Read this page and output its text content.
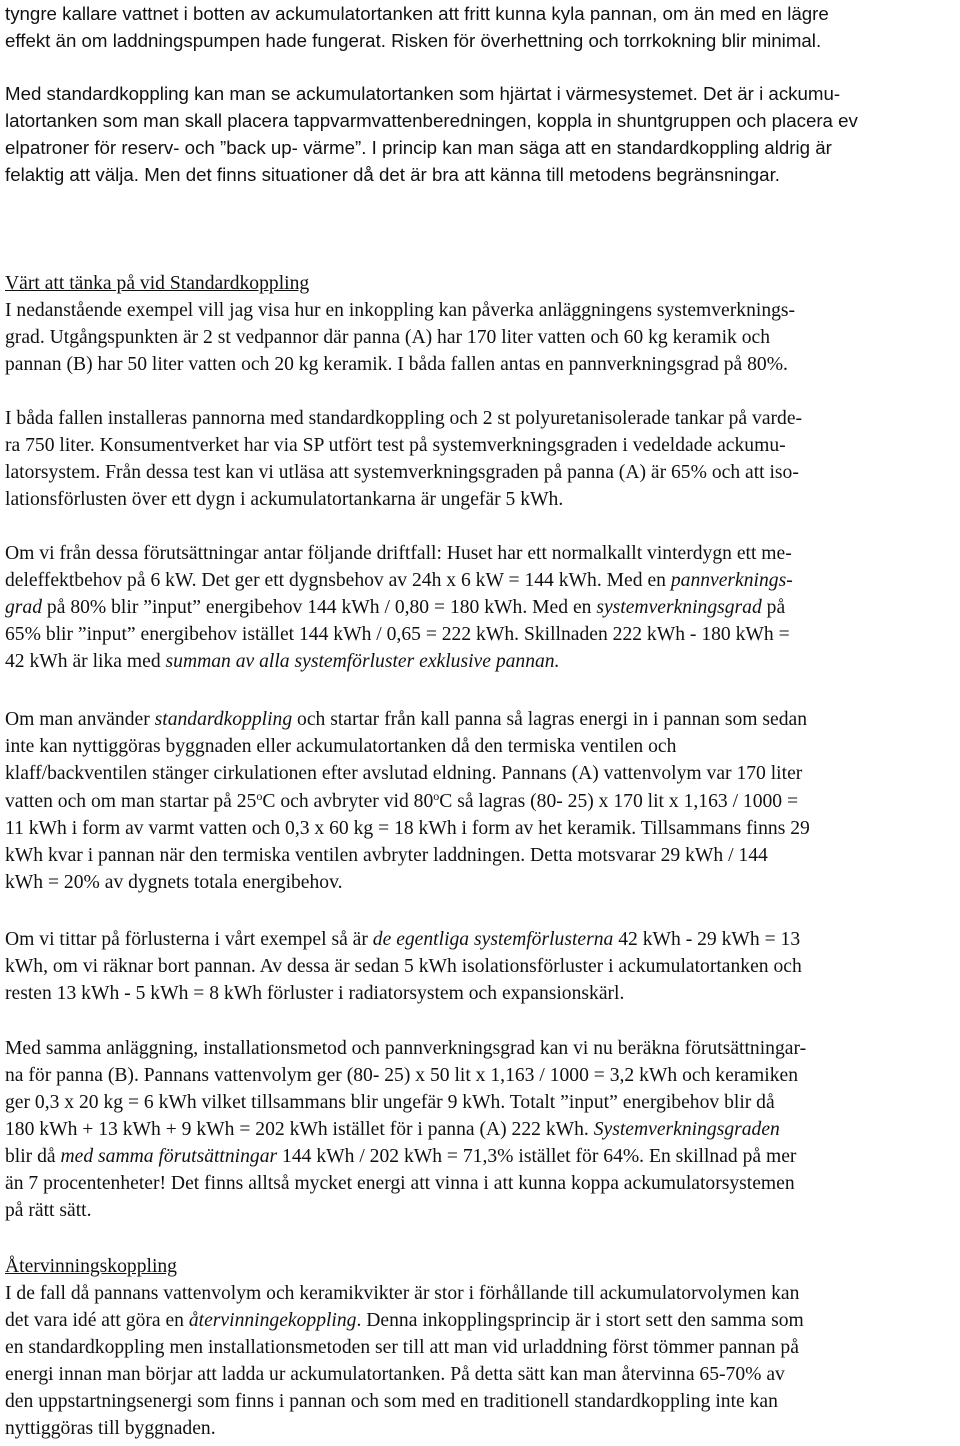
tyngre kallare vattnet i botten av ackumulatortanken att fritt kunna kyla pannan, om än med en lägre

effekt än om laddningspumpen hade fungerat. Risken för överhettning och torrkokning blir minimal.

Med standardkoppling kan man se ackumulatortanken som hjärtat i värmesystemet. Det är i ackumu-

latortanken som man skall placera tappvarmvattenberedningen, koppla in shuntgruppen och placera ev

elpatroner för reserv- och ”back up- värme”. I princip kan man säga att en standardkoppling aldrig är

felaktig att välja. Men det finns situationer då det är bra att känna till metodens begränsningar.

Värt att tänka på vid Standardkoppling

I nedanstående exempel vill jag visa hur en inkoppling kan påverka anläggningens systemverknings-

grad. Utgångspunkten är 2 st vedpannor där panna (A) har 170 liter vatten och 60 kg keramik och

pannan (B) har 50 liter vatten och 20 kg keramik. I båda fallen antas en pannverkningsgrad på 80%.

I båda fallen installeras pannorna med standardkoppling och 2 st polyuretanisolerade tankar på varde-

ra 750 liter. Konsumentverket har via SP utfört test på systemverkningsgraden i vedeldade ackumu-

latorsystem. Från dessa test kan vi utläsa att systemverkningsgraden på panna (A) är 65% och att iso-

lationsförlusten över ett dygn i ackumulatortankarna är ungefär 5 kWh.

Om vi från dessa förutsättningar antar följande driftfall: Huset har ett normalkallt vinterdygn ett me-

deleffektbehov på 6 kW. Det ger ett dygnsbehov av 24h x 6 kW = 144 kWh. Med en pannverknings-

grad på 80% blir ”input” energibehov 144 kWh / 0,80 = 180 kWh. Med en systemverkningsgrad på

65% blir ”input” energibehov istället 144 kWh / 0,65 = 222 kWh. Skillnaden 222 kWh - 180 kWh =

42 kWh är lika med summan av alla systemförluster exklusive pannan.

Om man använder standardkoppling och startar från kall panna så lagras energi in i pannan som sedan

inte kan nyttiggöras byggnaden eller ackumulatortanken då den termiska ventilen och

klaff/backventilen stänger cirkulationen efter avslutad eldning. Pannans (A) vattenvolym var 170 liter

vatten och om man startar på 25$^o$C och avbryter vid 80$^o$C så lagras (80- 25) x 170 lit x 1,163 / 1000 =

11 kWh i form av varmt vatten och 0,3 x 60 kg = 18 kWh i form av het keramik. Tillsammans finns 29

kWh kvar i pannan när den termiska ventilen avbryter laddningen. Detta motsvarar 29 kWh / 144

kWh = 20% av dygnets totala energibehov.

Om vi tittar på förlusterna i vårt exempel så är de egentliga systemförlusterna 42 kWh - 29 kWh = 13

kWh, om vi räknar bort pannan. Av dessa är sedan 5 kWh isolationsförluster i ackumulatortanken och

resten 13 kWh - 5 kWh = 8 kWh förluster i radiatorsystem och expansionskärl.

Med samma anläggning, installationsmetod och pannverkningsgrad kan vi nu beräkna förutsättningar-

na för panna (B). Pannans vattenvolym ger (80- 25) x 50 lit x 1,163 / 1000 = 3,2 kWh och keramiken

ger 0,3 x 20 kg = 6 kWh vilket tillsammans blir ungefär 9 kWh. Totalt ”input” energibehov blir då

180 kWh + 13 kWh + 9 kWh = 202 kWh istället för i panna (A) 222 kWh. Systemverkningsgraden

blir då med samma förutsättningar 144 kWh / 202 kWh = 71,3% istället för 64%. En skillnad på mer

än 7 procentenheter! Det finns alltså mycket energi att vinna i att kunna koppa ackumulatorsystemen

på rätt sätt.

Återvinningskoppling

I de fall då pannans vattenvolym och keramikvikter är stor i förhållande till ackumulatorvolymen kan

det vara idé att göra en återvinningekoppling. Denna inkopplingsprincip är i stort sett den samma som

en standardkoppling men installationsmetoden ser till att man vid urladdning först tömmer pannan på

energi innan man börjar att ladda ur ackumulatortanken. På detta sätt kan man återvinna 65-70% av

den uppstartningsenergi som finns i pannan och som med en traditionell standardkoppling inte kan

nyttiggöras till byggnaden.
